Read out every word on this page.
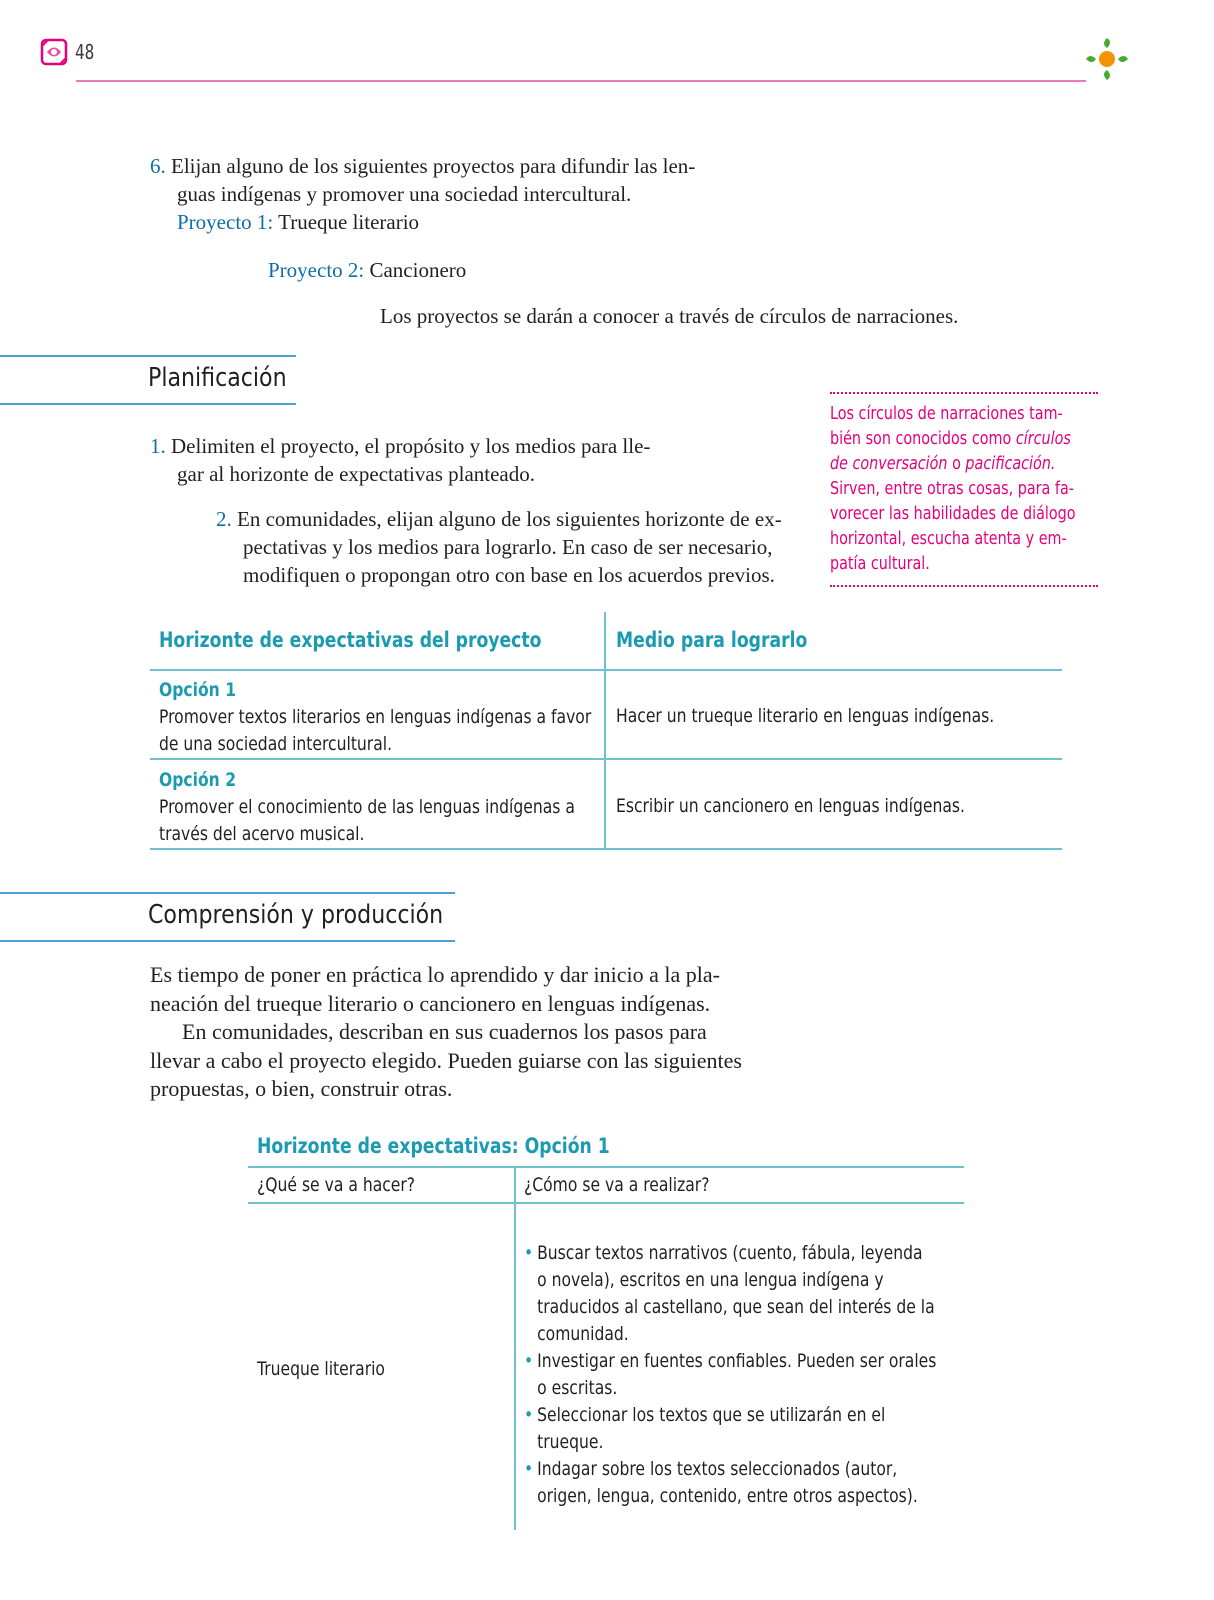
48
6. Elijan alguno de los siguientes proyectos para difundir las len-
guas indígenas y promover una sociedad intercultural.
Proyecto 1: Trueque literario
Proyecto 2: Cancionero
Los proyectos se darán a conocer a través de círculos de narraciones.
Planificación
1. Delimiten el proyecto, el propósito y los medios para lle-
gar al horizonte de expectativas planteado.
2. En comunidades, elijan alguno de los siguientes horizonte de ex-
pectativas y los medios para lograrlo. En caso de ser necesario,
modifiquen o propongan otro con base en los acuerdos previos.
Los círculos de narraciones tam-
bién son conocidos como círculos
de conversación o pacificación.
Sirven, entre otras cosas, para fa-
vorecer las habilidades de diálogo
horizontal, escucha atenta y em-
patía cultural.
Horizonte de expectativas del proyecto	Medio para lograrlo
Opción 1
Promover textos literarios en lenguas indígenas a favor
de una sociedad intercultural.
Hacer un trueque literario en lenguas indígenas.
Opción 2
Promover el conocimiento de las lenguas indígenas a
través del acervo musical.
Escribir un cancionero en lenguas indígenas.
Comprensión y producción
Es tiempo de poner en práctica lo aprendido y dar inicio a la pla-
neación del trueque literario o cancionero en lenguas indígenas.
En comunidades, describan en sus cuadernos los pasos para
llevar a cabo el proyecto elegido. Pueden guiarse con las siguientes
propuestas, o bien, construir otras.
Horizonte de expectativas: Opción 1
¿Qué se va a hacer?	¿Cómo se va a realizar?
Trueque literario
• Buscar textos narrativos (cuento, fábula, leyenda
o novela), escritos en una lengua indígena y
traducidos al castellano, que sean del interés de la
comunidad.
• Investigar en fuentes confiables. Pueden ser orales
o escritas.
• Seleccionar los textos que se utilizarán en el
trueque.
• Indagar sobre los textos seleccionados (autor,
origen, lengua, contenido, entre otros aspectos).
